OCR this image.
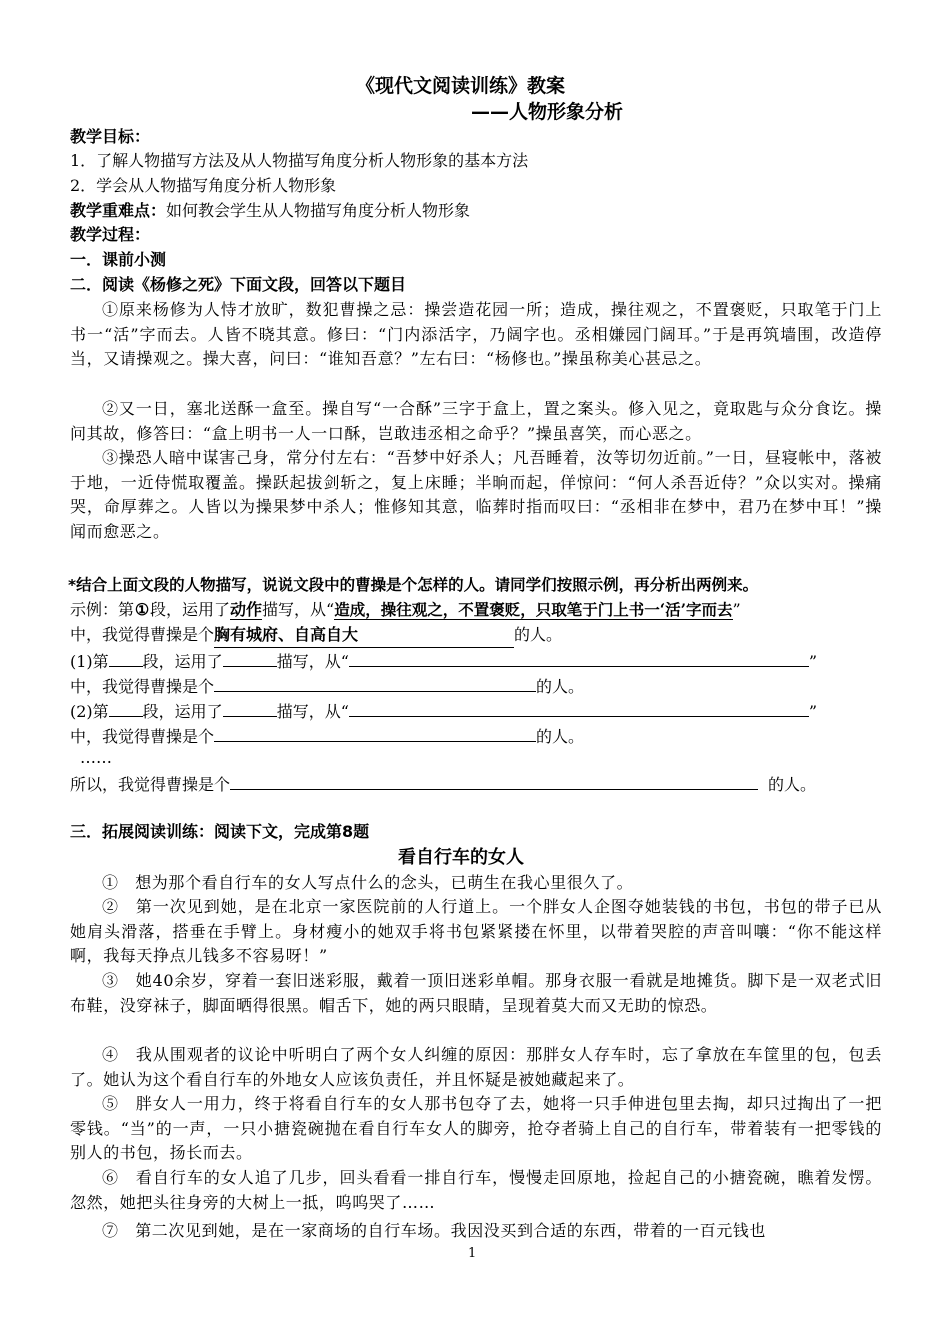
《现代文阅读训练》教案
——人物形象分析
教学目标：
1．了解人物描写方法及从人物描写角度分析人物形象的基本方法
2．学会从人物描写角度分析人物形象
教学重难点：如何教会学生从人物描写角度分析人物形象
教学过程：
一．课前小测
二．阅读《杨修之死》下面文段，回答以下题目
①原来杨修为人恃才放旷，数犯曹操之忌：操尝造花园一所；造成，操往观之，不置褒贬，只取笔于门上书一“活”字而去。人皆不晓其意。修曰：“门内添活字，乃阔字也。丞相嫌园门阔耳。”于是再筑墙围，改造停当，又请操观之。操大喜，问曰：“谁知吾意？”左右曰：“杨修也。”操虽称美心甚忌之。
②又一日，塞北送酥一盒至。操自写“一合酥”三字于盒上，置之案头。修入见之，竟取匙与众分食讫。操问其故，修答曰：“盒上明书一人一口酥，岂敢违丞相之命乎？”操虽喜笑，而心恶之。
③操恐人暗中谋害己身，常分付左右：“吾梦中好杀人；凡吾睡着，汝等切勿近前。”一日，昼寝帐中，落被于地，一近侍慌取覆盖。操跃起拔剑斩之，复上床睡；半晌而起，佯惊问：“何人杀吾近侍？”众以实对。操痛哭，命厚葬之。人皆以为操果梦中杀人；惟修知其意，临葬时指而叹曰：“丞相非在梦中，君乃在梦中耳！”操闻而愈恶之。
*结合上面文段的人物描写，说说文段中的曹操是个怎样的人。请同学们按照示例，再分析出两例来。
示例：第①段，运用了动作描写，从“造成，操往观之，不置褒贬，只取笔于门上书一‘活’字而去”
中，我觉得曹操是个胸有城府、自高自大	的人。
(1)第 段，运用了	描写，从“	”
中，我觉得曹操是个	的人。
(2)第 段，运用了	描写，从“	”
中，我觉得曹操是个	的人。
……
所以，我觉得曹操是个	的人。
三．拓展阅读训练：阅读下文，完成第8题
看自行车的女人
①　想为那个看自行车的女人写点什么的念头，已萌生在我心里很久了。
②　第一次见到她，是在北京一家医院前的人行道上。一个胖女人企图夺她装钱的书包，书包的带子已从她肩头滑落，搭垂在手臂上。身材瘦小的她双手将书包紧紧搂在怀里，以带着哭腔的声音叫嚷：“你不能这样啊，我每天挣点儿钱多不容易呀！”
③　她40余岁，穿着一套旧迷彩服，戴着一顶旧迷彩单帽。那身衣服一看就是地摊货。脚下是一双老式旧布鞋，没穿袜子，脚面晒得很黑。帽舌下，她的两只眼睛，呈现着莫大而又无助的惊恐。
④　我从围观者的议论中听明白了两个女人纠缠的原因：那胖女人存车时，忘了拿放在车筐里的包，包丢了。她认为这个看自行车的外地女人应该负责任，并且怀疑是被她藏起来了。
⑤　胖女人一用力，终于将看自行车的女人那书包夺了去，她将一只手伸进包里去掏，却只过掏出了一把零钱。“当”的一声，一只小搪瓷碗抛在看自行车女人的脚旁，抢夺者骑上自己的自行车，带着装有一把零钱的别人的书包，扬长而去。
⑥　看自行车的女人追了几步，回头看看一排自行车，慢慢走回原地，捡起自己的小搪瓷碗，瞧着发愣。忽然，她把头往身旁的大树上一抵，呜呜哭了……
⑦　第二次见到她，是在一家商场的自行车场。我因没买到合适的东西，带着的一百元钱也
1
